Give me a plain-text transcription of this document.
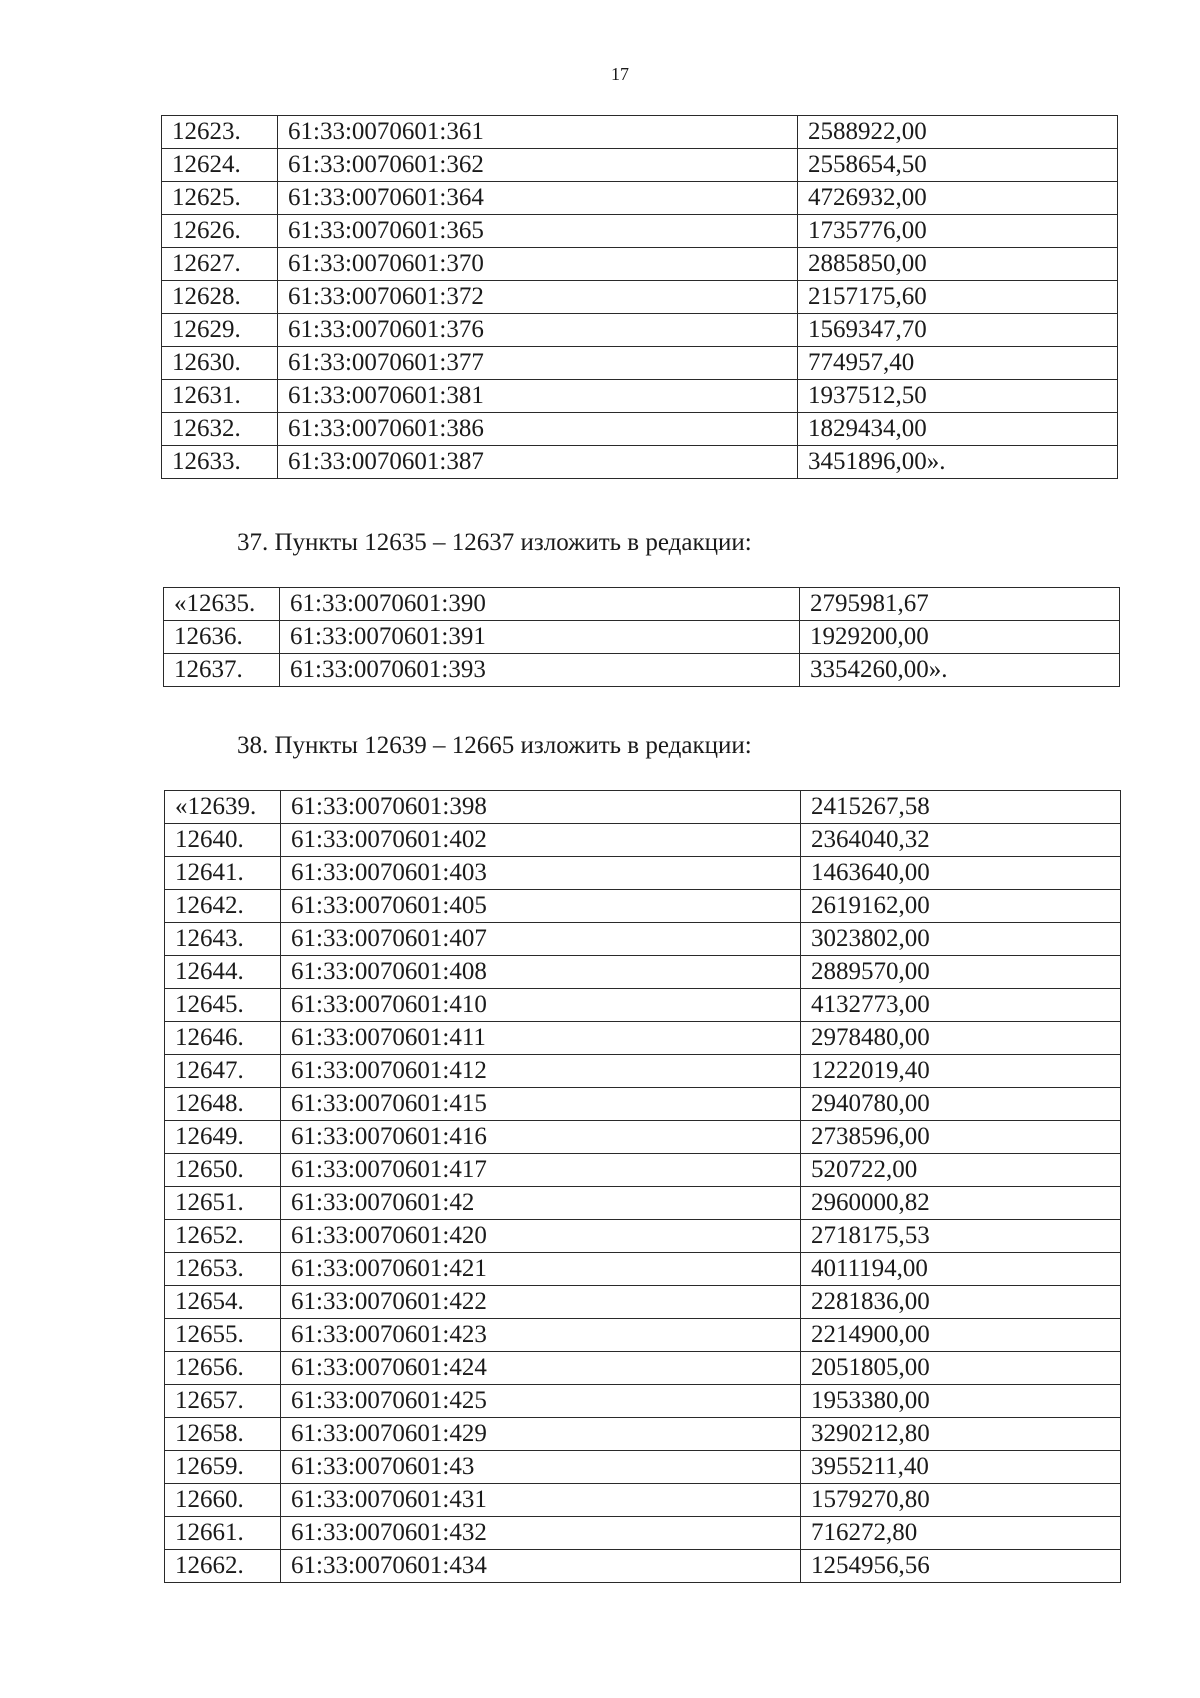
17
12623.	61:33:0070601:361	2588922,00
12624.	61:33:0070601:362	2558654,50
12625.	61:33:0070601:364	4726932,00
12626.	61:33:0070601:365	1735776,00
12627.	61:33:0070601:370	2885850,00
12628.	61:33:0070601:372	2157175,60
12629.	61:33:0070601:376	1569347,70
12630.	61:33:0070601:377	774957,40
12631.	61:33:0070601:381	1937512,50
12632.	61:33:0070601:386	1829434,00
12633.	61:33:0070601:387	3451896,00».
37. Пункты 12635 – 12637 изложить в редакции:
«12635.	61:33:0070601:390	2795981,67
12636.	61:33:0070601:391	1929200,00
12637.	61:33:0070601:393	3354260,00».
38. Пункты 12639 – 12665 изложить в редакции:
«12639.	61:33:0070601:398	2415267,58
12640.	61:33:0070601:402	2364040,32
12641.	61:33:0070601:403	1463640,00
12642.	61:33:0070601:405	2619162,00
12643.	61:33:0070601:407	3023802,00
12644.	61:33:0070601:408	2889570,00
12645.	61:33:0070601:410	4132773,00
12646.	61:33:0070601:411	2978480,00
12647.	61:33:0070601:412	1222019,40
12648.	61:33:0070601:415	2940780,00
12649.	61:33:0070601:416	2738596,00
12650.	61:33:0070601:417	520722,00
12651.	61:33:0070601:42	2960000,82
12652.	61:33:0070601:420	2718175,53
12653.	61:33:0070601:421	4011194,00
12654.	61:33:0070601:422	2281836,00
12655.	61:33:0070601:423	2214900,00
12656.	61:33:0070601:424	2051805,00
12657.	61:33:0070601:425	1953380,00
12658.	61:33:0070601:429	3290212,80
12659.	61:33:0070601:43	3955211,40
12660.	61:33:0070601:431	1579270,80
12661.	61:33:0070601:432	716272,80
12662.	61:33:0070601:434	1254956,56
